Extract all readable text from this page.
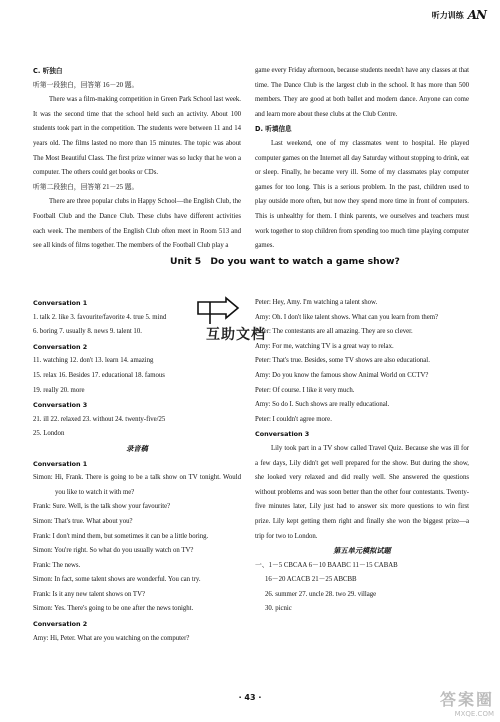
听力训练 AN
C. 听独白
听第一段独白，回答第 16－20 题。

There was a film-making competition in Green Park School last week. It was the second time that the school held such an activity. About 100 students took part in the competition. The students were between 11 and 14 years old. The films lasted no more than 15 minutes. The topic was about The Most Beautiful Class. The first prize winner was so lucky that he won a computer. The others could get books or CDs.

听第二段独白，回答第 21－25 题。

There are three popular clubs in Happy School—the English Club, the Football Club and the Dance Club. These clubs have different activities each week. The members of the English Club often meet in Room 513 and see all kinds of films together. The members of the Football Club play a

game every Friday afternoon, because students needn't have any classes at that time. The Dance Club is the largest club in the school. It has more than 500 members. They are good at both ballet and modern dance. Anyone can come and learn more about these clubs at the Club Centre.

D. 听填信息

Last weekend, one of my classmates went to hospital. He played computer games on the Internet all day Saturday without stopping to drink, eat or sleep. Finally, he became very ill. Some of my classmates play computer games for too long. This is a serious problem. In the past, children used to play outside more often, but now they spend more time in front of computers. This is unhealthy for them. I think parents, we ourselves and teachers must work together to stop children from spending too much time playing computer games.

Unit 5　Do you want to watch a game show?
Conversation 1
1. talk 2. like 3. favourite/favorite 4. true 5. mind
6. boring 7. usually 8. news 9. talent 10.
Conversation 2
11. watching 12. don't 13. learn 14. amazing
15. relax 16. Besides 17. educational 18. famous
19. really 20. more
Conversation 3
21. ill 22. relaxed 23. without 24. twenty-five/25
25. London
录音稿
Conversation 1
Simon: Hi, Frank. There is going to be a talk show on TV tonight. Would you like to watch it with me?
Frank: Sure. Well, is the talk show your favourite?
Simon: That's true. What about you?
Frank: I don't mind them, but sometimes it can be a little boring.
Simon: You're right. So what do you usually watch on TV?
Frank: The news.
Simon: In fact, some talent shows are wonderful. You can try.
Frank: Is it any new talent shows on TV?
Simon: Yes. There's going to be one after the news tonight.
Conversation 2
Amy: Hi, Peter. What are you watching on the computer?
Peter: Hey, Amy. I'm watching a talent show.
Amy: Oh. I don't like talent shows. What can you learn from them?
Peter: The contestants are all amazing. They are so clever.
Amy: For me, watching TV is a great way to relax.
Peter: That's true. Besides, some TV shows are also educational.
Amy: Do you know the famous show Animal World on CCTV?
Peter: Of course. I like it very much.
Amy: So do I. Such shows are really educational.
Peter: I couldn't agree more.
Conversation 3

Lily took part in a TV show called Travel Quiz. Because she was ill for a few days, Lily didn't get well prepared for the show. But during the show, she looked very relaxed and did really well. She answered the questions without problems and was soon better than the other four contestants. Twenty-five minutes later, Lily just had to answer six more questions to win first prize. Lily kept getting them right and finally she won the biggest prize—a trip for two to London.

第五单元模拟试题
一、1－5 CBCAA 6－10 BAABC 11－15 CABAB
16－20 ACACB 21－25 ABCBB
26. summer 27. uncle 28. two 29. village
30. picnic
互助文档
· 43 ·	答案圈
MXQE.COM
